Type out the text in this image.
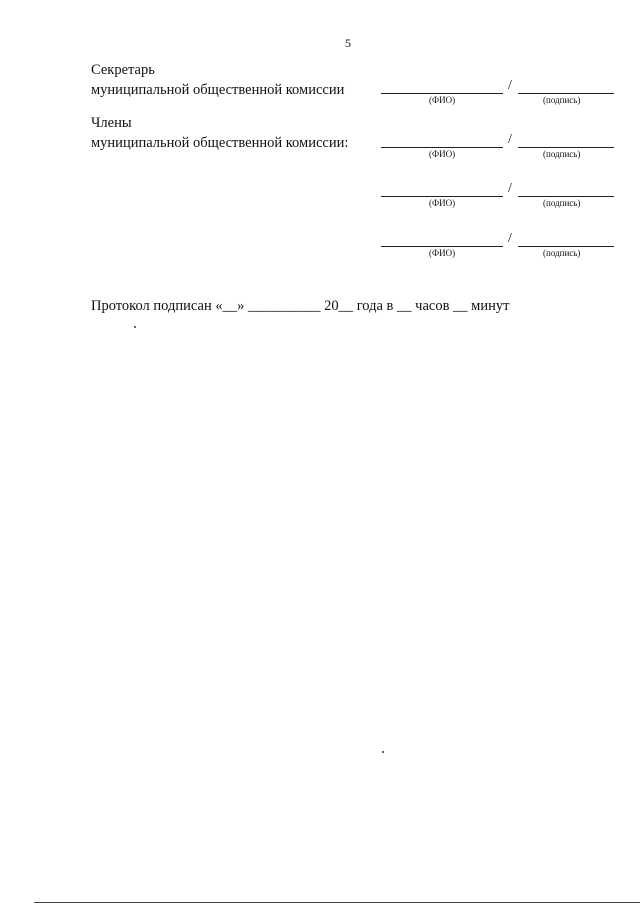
5
Секретарь
муниципальной общественной комиссии	/
(ФИО)	(подпись)
Члены
муниципальной общественной комиссии:	/
(ФИО)	(подпись)
/
(ФИО)	(подпись)
/
(ФИО)	(подпись)
Протокол подписан «__» __________ 20__ года в __ часов __ минут
